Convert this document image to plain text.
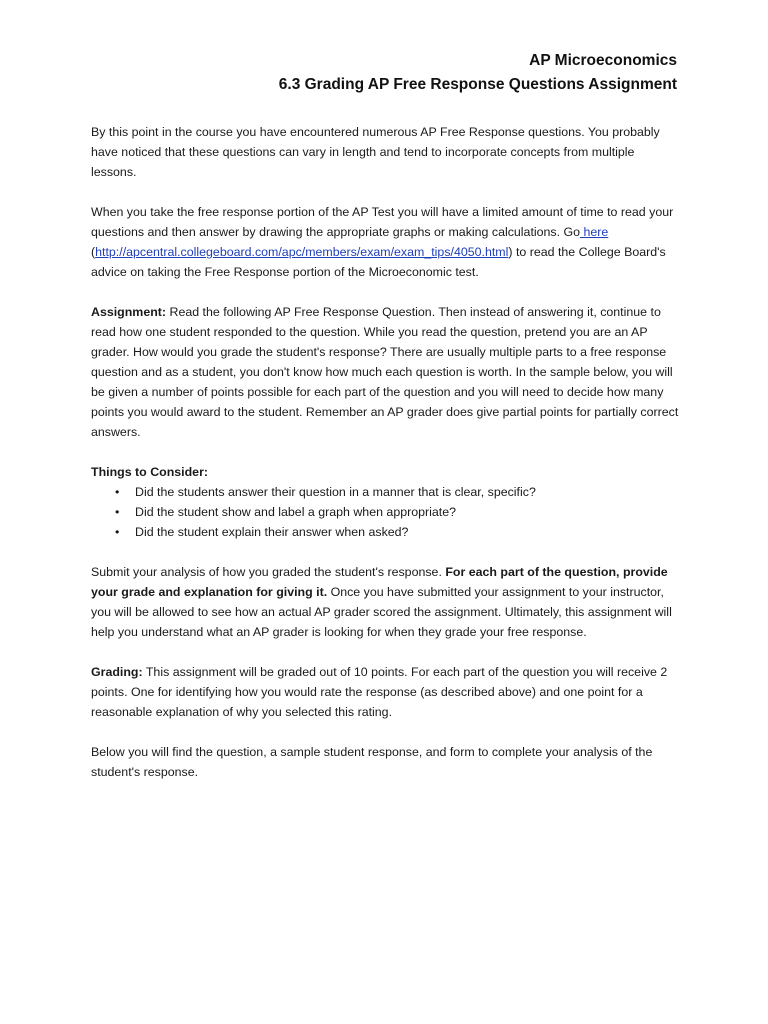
AP Microeconomics
6.3 Grading AP Free Response Questions Assignment

By this point in the course you have encountered numerous AP Free Response questions. You probably have noticed that these questions can vary in length and tend to incorporate concepts from multiple lessons.

When you take the free response portion of the AP Test you will have a limited amount of time to read your questions and then answer by drawing the appropriate graphs or making calculations. Go here (http://apcentral.collegeboard.com/apc/members/exam/exam_tips/4050.html) to read the College Board's advice on taking the Free Response portion of the Microeconomic test.

Assignment: Read the following AP Free Response Question. Then instead of answering it, continue to read how one student responded to the question. While you read the question, pretend you are an AP grader. How would you grade the student's response? There are usually multiple parts to a free response question and as a student, you don't know how much each question is worth. In the sample below, you will be given a number of points possible for each part of the question and you will need to decide how many points you would award to the student. Remember an AP grader does give partial points for partially correct answers.

Things to Consider:
• Did the students answer their question in a manner that is clear, specific?
• Did the student show and label a graph when appropriate?
• Did the student explain their answer when asked?

Submit your analysis of how you graded the student's response. For each part of the question, provide your grade and explanation for giving it. Once you have submitted your assignment to your instructor, you will be allowed to see how an actual AP grader scored the assignment. Ultimately, this assignment will help you understand what an AP grader is looking for when they grade your free response.

Grading: This assignment will be graded out of 10 points. For each part of the question you will receive 2 points. One for identifying how you would rate the response (as described above) and one point for a reasonable explanation of why you selected this rating.

Below you will find the question, a sample student response, and form to complete your analysis of the student's response.
